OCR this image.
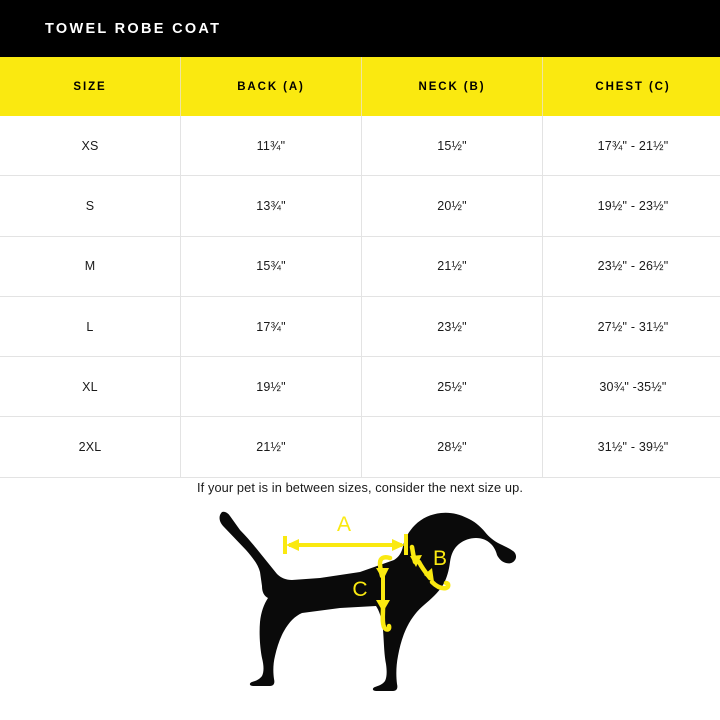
TOWEL ROBE COAT
SIZE	BACK (A)	NECK (B)	CHEST (C)
XS	11¾"	15½"	17¾" - 21½"
S	13¾"	20½"	19½" - 23½"
M	15¾"	21½"	23½" - 26½"
L	17¾"	23½"	27½" - 31½"
XL	19½"	25½"	30¾" -35½"
2XL	21½"	28½"	31½" - 39½"
If your pet is in between sizes, consider the next size up.
A
B
C
